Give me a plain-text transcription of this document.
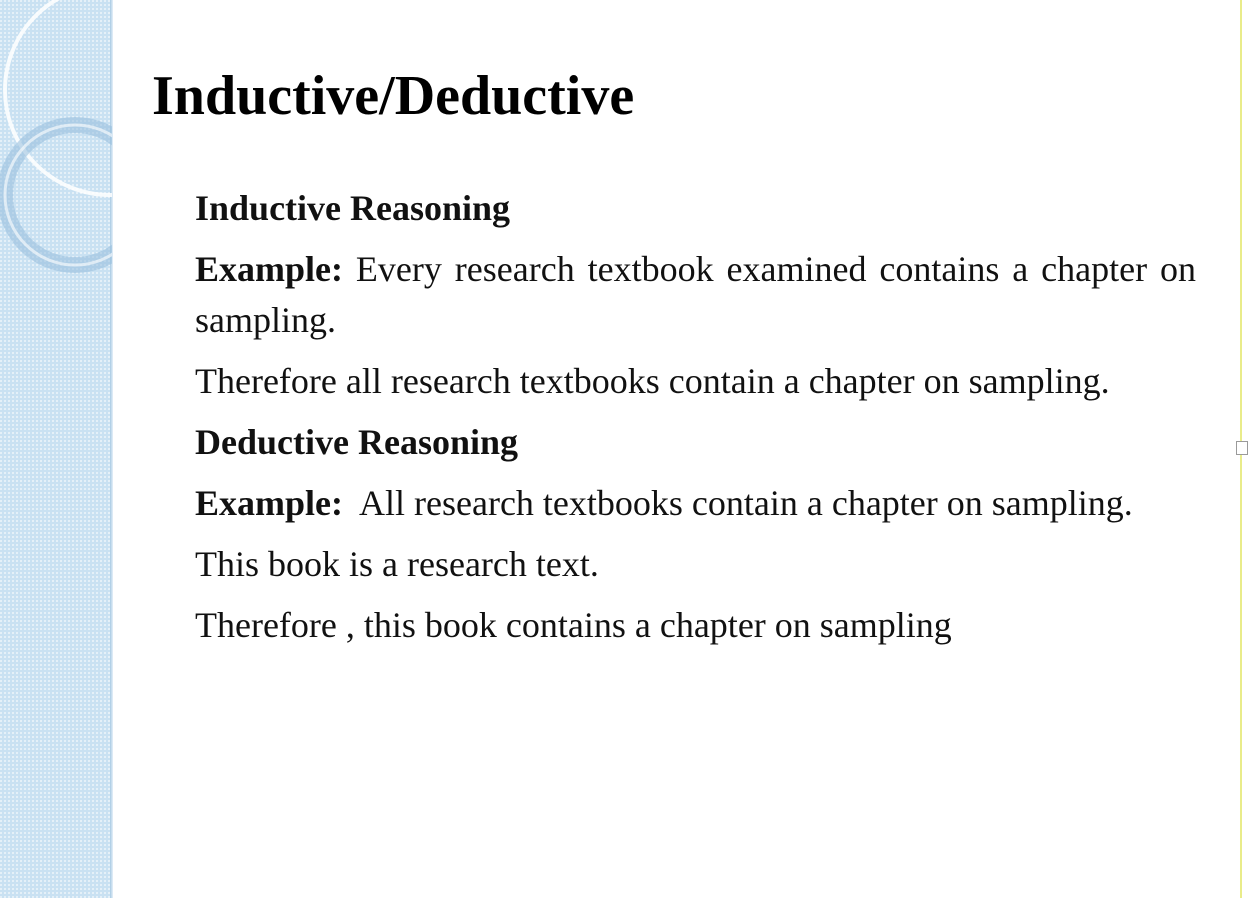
Inductive/Deductive

Inductive Reasoning

Example: Every research textbook examined contains a chapter on sampling.

Therefore all research textbooks contain a chapter on sampling.

Deductive Reasoning

Example: All research textbooks contain a chapter on sampling.

This book is a research text.

Therefore , this book contains a chapter on sampling
